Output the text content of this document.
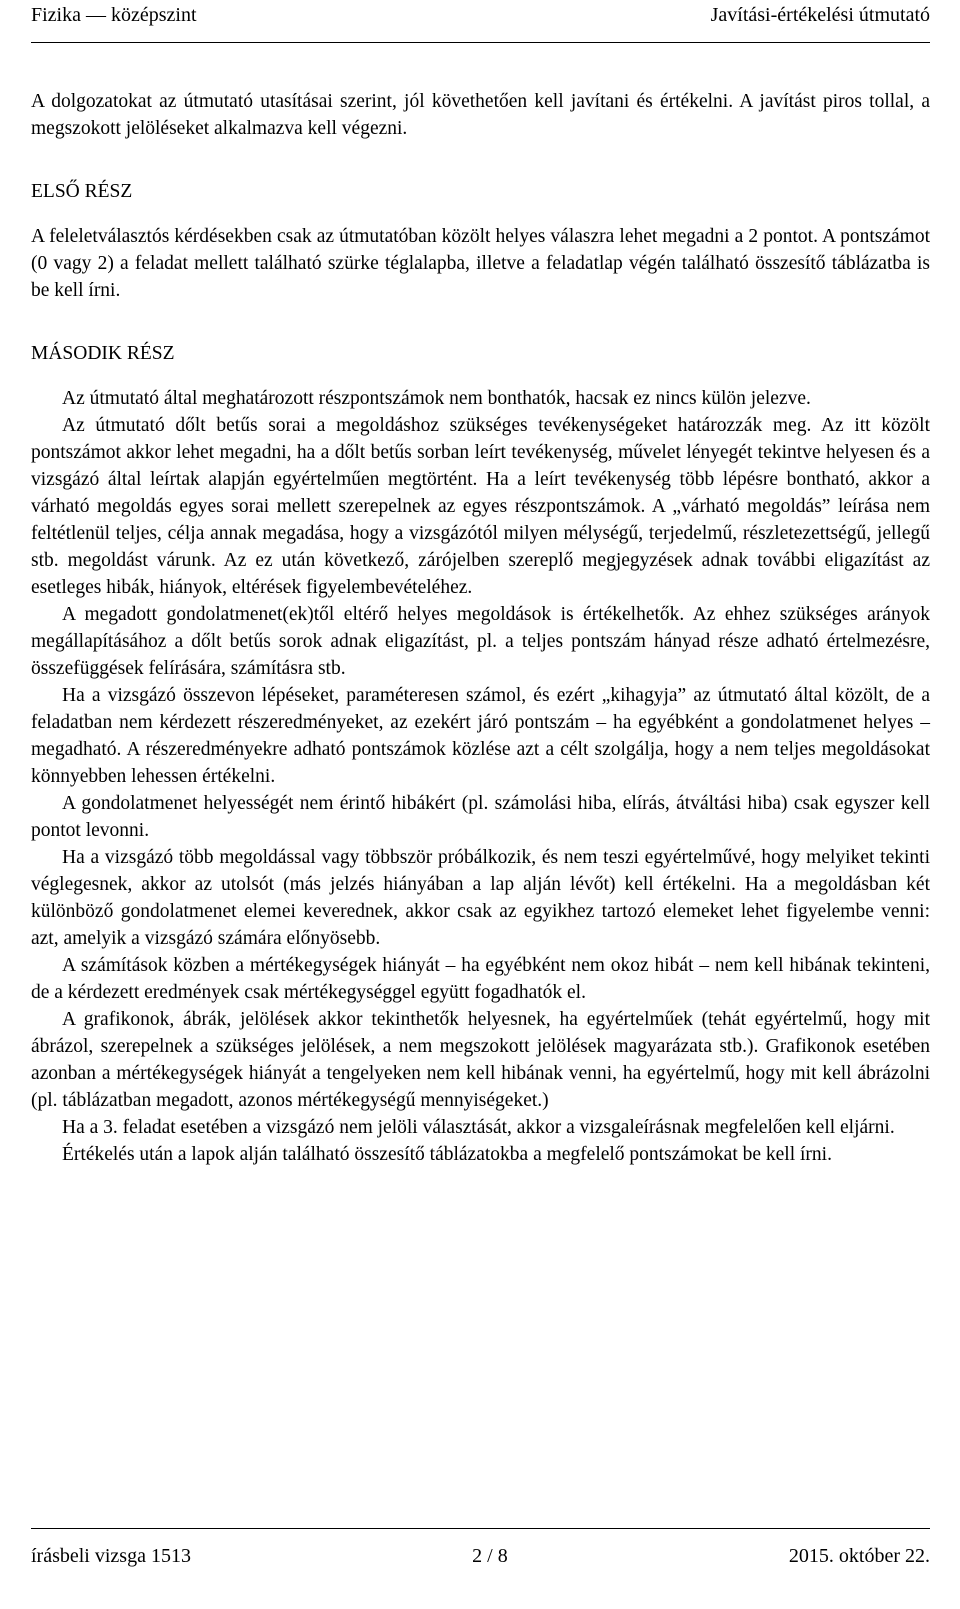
Fizika — középszint	Javítási-értékelési útmutató

A dolgozatokat az útmutató utasításai szerint, jól követhetően kell javítani és értékelni. A javítást piros tollal, a megszokott jelöléseket alkalmazva kell végezni.

ELSŐ RÉSZ

A feleletválasztós kérdésekben csak az útmutatóban közölt helyes válaszra lehet megadni a 2 pontot. A pontszámot (0 vagy 2) a feladat mellett található szürke téglalapba, illetve a feladatlap végén található összesítő táblázatba is be kell írni.

MÁSODIK RÉSZ

Az útmutató által meghatározott részpontszámok nem bonthatók, hacsak ez nincs külön jelezve.

Az útmutató dőlt betűs sorai a megoldáshoz szükséges tevékenységeket határozzák meg. Az itt közölt pontszámot akkor lehet megadni, ha a dőlt betűs sorban leírt tevékenység, művelet lényegét tekintve helyesen és a vizsgázó által leírtak alapján egyértelműen megtörtént. Ha a leírt tevékenység több lépésre bontható, akkor a várható megoldás egyes sorai mellett szerepelnek az egyes részpontszámok. A „várható megoldás” leírása nem feltétlenül teljes, célja annak megadása, hogy a vizsgázótól milyen mélységű, terjedelmű, részletezettségű, jellegű stb. megoldást várunk. Az ez után következő, zárójelben szereplő megjegyzések adnak további eligazítást az esetleges hibák, hiányok, eltérések figyelembevételéhez.

A megadott gondolatmenet(ek)től eltérő helyes megoldások is értékelhetők. Az ehhez szükséges arányok megállapításához a dőlt betűs sorok adnak eligazítást, pl. a teljes pontszám hányad része adható értelmezésre, összefüggések felírására, számításra stb.

Ha a vizsgázó összevon lépéseket, paraméteresen számol, és ezért „kihagyja” az útmutató által közölt, de a feladatban nem kérdezett részeredményeket, az ezekért járó pontszám – ha egyébként a gondolatmenet helyes – megadható. A részeredményekre adható pontszámok közlése azt a célt szolgálja, hogy a nem teljes megoldásokat könnyebben lehessen értékelni.

A gondolatmenet helyességét nem érintő hibákért (pl. számolási hiba, elírás, átváltási hiba) csak egyszer kell pontot levonni.

Ha a vizsgázó több megoldással vagy többször próbálkozik, és nem teszi egyértelművé, hogy melyiket tekinti véglegesnek, akkor az utolsót (más jelzés hiányában a lap alján lévőt) kell értékelni. Ha a megoldásban két különböző gondolatmenet elemei keverednek, akkor csak az egyikhez tartozó elemeket lehet figyelembe venni: azt, amelyik a vizsgázó számára előnyösebb.

A számítások közben a mértékegységek hiányát – ha egyébként nem okoz hibát – nem kell hibának tekinteni, de a kérdezett eredmények csak mértékegységgel együtt fogadhatók el.

A grafikonok, ábrák, jelölések akkor tekinthetők helyesnek, ha egyértelműek (tehát egyértelmű, hogy mit ábrázol, szerepelnek a szükséges jelölések, a nem megszokott jelölések magyarázata stb.). Grafikonok esetében azonban a mértékegységek hiányát a tengelyeken nem kell hibának venni, ha egyértelmű, hogy mit kell ábrázolni (pl. táblázatban megadott, azonos mértékegységű mennyiségeket.)

Ha a 3. feladat esetében a vizsgázó nem jelöli választását, akkor a vizsgaleírásnak megfelelően kell eljárni.

Értékelés után a lapok alján található összesítő táblázatokba a megfelelő pontszámokat be kell írni.

írásbeli vizsga 1513	2 / 8	2015. október 22.
